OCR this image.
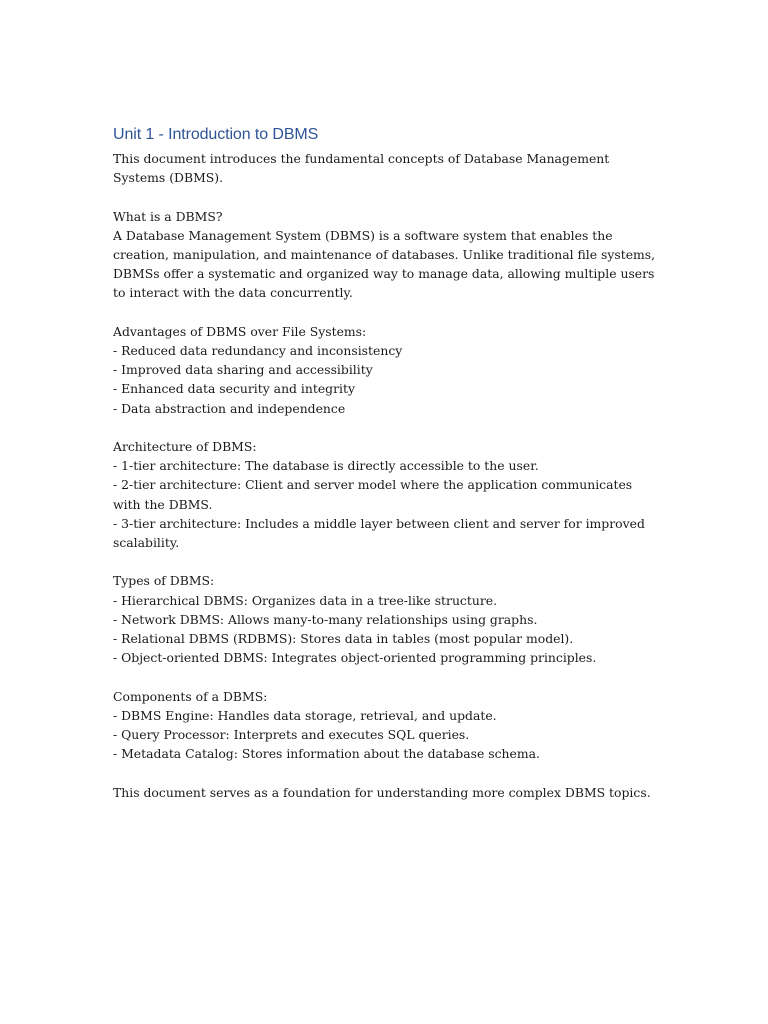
Unit 1 - Introduction to DBMS

This document introduces the fundamental concepts of Database Management Systems (DBMS).

What is a DBMS?

A Database Management System (DBMS) is a software system that enables the creation, manipulation, and maintenance of databases. Unlike traditional file systems, DBMSs offer a systematic and organized way to manage data, allowing multiple users to interact with the data concurrently.

Advantages of DBMS over File Systems:

- Reduced data redundancy and inconsistency

- Improved data sharing and accessibility

- Enhanced data security and integrity

- Data abstraction and independence

Architecture of DBMS:

- 1-tier architecture: The database is directly accessible to the user.

- 2-tier architecture: Client and server model where the application communicates with the DBMS.

- 3-tier architecture: Includes a middle layer between client and server for improved scalability.

Types of DBMS:

- Hierarchical DBMS: Organizes data in a tree-like structure.

- Network DBMS: Allows many-to-many relationships using graphs.

- Relational DBMS (RDBMS): Stores data in tables (most popular model).

- Object-oriented DBMS: Integrates object-oriented programming principles.

Components of a DBMS:

- DBMS Engine: Handles data storage, retrieval, and update.

- Query Processor: Interprets and executes SQL queries.

- Metadata Catalog: Stores information about the database schema.

This document serves as a foundation for understanding more complex DBMS topics.
